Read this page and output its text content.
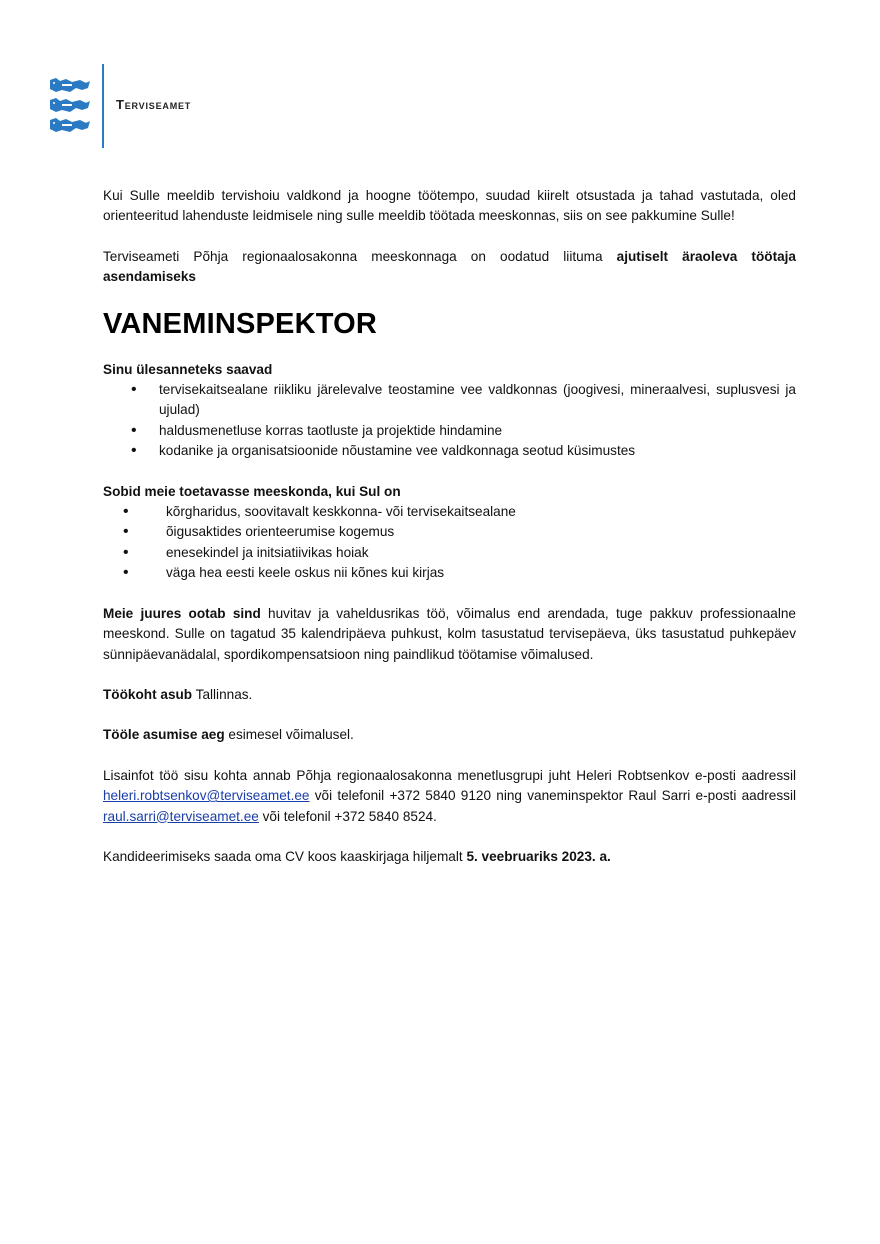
Terviseamet

Kui Sulle meeldib tervishoiu valdkond ja hoogne töötempo, suudad kiirelt otsustada ja tahad vastutada, oled orienteeritud lahenduste leidmisele ning sulle meeldib töötada meeskonnas, siis on see pakkumine Sulle!

Terviseameti Põhja regionaalosakonna meeskonnaga on oodatud liituma ajutiselt äraoleva töötaja asendamiseks

VANEMINSPEKTOR

Sinu ülesanneteks saavad

• tervisekaitsealane riikliku järelevalve teostamine vee valdkonnas (joogivesi, mineraalvesi, suplusvesi ja ujulad)
• haldusmenetluse korras taotluste ja projektide hindamine
• kodanike ja organisatsioonide nõustamine vee valdkonnaga seotud küsimustes

Sobid meie toetavasse meeskonda, kui Sul on

• kõrgharidus, soovitavalt keskkonna- või tervisekaitsealane
• õigusaktides orienteerumise kogemus
• enesekindel ja initsiatiivikas hoiak
• väga hea eesti keele oskus nii kõnes kui kirjas

Meie juures ootab sind huvitav ja vaheldusrikas töö, võimalus end arendada, tuge pakkuv professionaalne meeskond. Sulle on tagatud 35 kalendripäeva puhkust, kolm tasustatud tervisepäeva, üks tasustatud puhkepäev sünnipäevanädalal, spordikompensatsioon ning paindlikud töötamise võimalused.

Töökoht asub Tallinnas.

Tööle asumise aeg esimesel võimalusel.

Lisainfot töö sisu kohta annab Põhja regionaalosakonna menetlusgrupi juht Heleri Robtsenkov e-posti aadressil heleri.robtsenkov@terviseamet.ee või telefonil +372 5840 9120 ning vaneminspektor Raul Sarri e-posti aadressil raul.sarri@terviseamet.ee või telefonil +372 5840 8524.

Kandideerimiseks saada oma CV koos kaaskirjaga hiljemalt 5. veebruariks 2023. a.
